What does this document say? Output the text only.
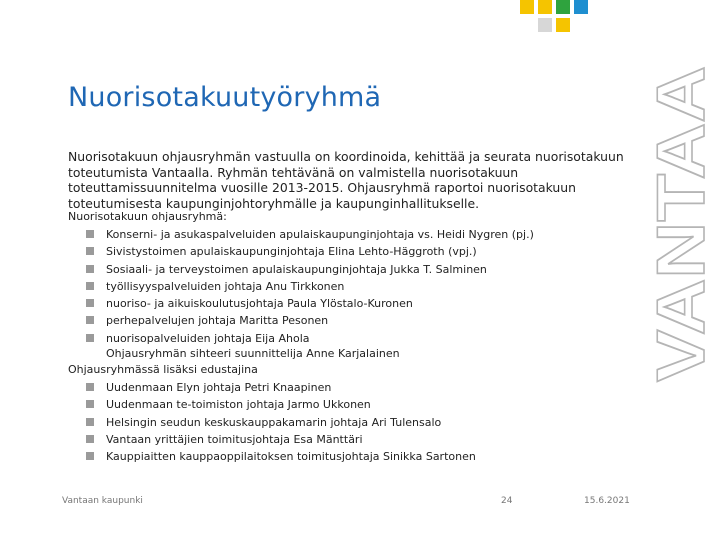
VANTAA
Nuorisotakuutyöryhmä
Nuorisotakuun ohjausryhmän vastuulla on koordinoida, kehittää ja seurata nuorisotakuun toteutumista Vantaalla. Ryhmän tehtävänä on valmistella nuorisotakuun toteuttamissuunnitelma vuosille 2013-2015. Ohjausryhmä raportoi nuorisotakuun toteutumisesta kaupunginjohtoryhmälle ja kaupunginhallitukselle.
Nuorisotakuun ohjausryhmä:
Konserni- ja asukaspalveluiden apulaiskaupunginjohtaja vs. Heidi Nygren (pj.)
Sivistystoimen apulaiskaupunginjohtaja Elina Lehto-Häggroth (vpj.)
Sosiaali- ja terveystoimen apulaiskaupunginjohtaja Jukka T. Salminen
työllisyyspalveluiden johtaja Anu Tirkkonen
nuoriso- ja aikuiskoulutusjohtaja Paula Ylöstalo-Kuronen
perhepalvelujen johtaja Maritta Pesonen
nuorisopalveluiden johtaja Eija Ahola
Ohjausryhmän sihteeri suunnittelija Anne Karjalainen
Ohjausryhmässä lisäksi edustajina
Uudenmaan Elyn johtaja Petri Knaapinen
Uudenmaan te-toimiston johtaja Jarmo Ukkonen
Helsingin seudun keskuskauppakamarin johtaja Ari Tulensalo
Vantaan yrittäjien toimitusjohtaja Esa Mänttäri
Kauppiaitten kauppaoppilaitoksen toimitusjohtaja Sinikka Sartonen
Vantaan kaupunki	24	15.6.2021
